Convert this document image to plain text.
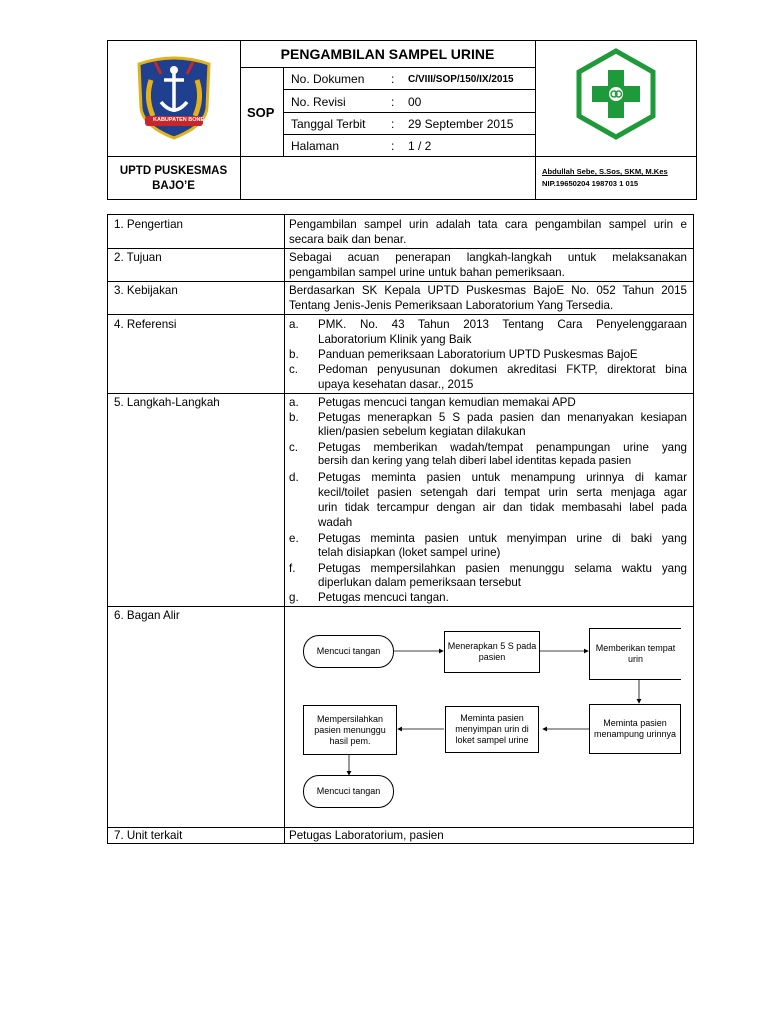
KABUPATEN BONE
PENGAMBILAN SAMPEL URINE
SOP
No. Dokumen : C/VIII/SOP/150/IX/2015
No. Revisi	: 00
Tanggal Terbit : 29 September 2015
Halaman	: 1 / 2
UPTD PUSKESMAS
BAJO’E
Abdullah Sebe, S.Sos, SKM, M.Kes
NIP.19650204 198703 1 015
1. Pengertian	Pengambilan sampel urin adalah tata cara pengambilan sampel urin e
secara baik dan benar.
2. Tujuan	Sebagai acuan penerapan langkah-langkah untuk melaksanakan
pengambilan sampel urine untuk bahan pemeriksaan.
3. Kebijakan	Berdasarkan SK Kepala UPTD Puskesmas BajoE No. 052 Tahun 2015
Tentang Jenis-Jenis Pemeriksaan Laboratorium Yang Tersedia.
4. Referensi	a. PMK. No. 43 Tahun 2013 Tentang Cara Penyelenggaraan
Laboratorium Klinik yang Baik
b. Panduan pemeriksaan Laboratorium UPTD Puskesmas BajoE
c. Pedoman penyusunan dokumen akreditasi FKTP, direktorat bina
upaya kesehatan dasar., 2015
5. Langkah-Langkah	a. Petugas mencuci tangan kemudian memakai APD
b. Petugas menerapkan 5 S pada pasien dan menanyakan kesiapan
klien/pasien sebelum kegiatan dilakukan
c. Petugas memberikan wadah/tempat penampungan urine yang
bersih dan kering yang telah diberi label identitas kepada pasien
d. Petugas meminta pasien untuk menampung urinnya di kamar
kecil/toilet pasien setengah dari tempat urin serta menjaga agar
urin tidak tercampur dengan air dan tidak membasahi label pada
wadah
e. Petugas meminta pasien untuk menyimpan urine di baki yang
telah disiapkan (loket sampel urine)
f. Petugas mempersilahkan pasien menunggu selama waktu yang
diperlukan dalam pemeriksaan tersebut
g. Petugas mencuci tangan.
6. Bagan Alir
Mencuci tangan	Menerapkan 5 S pada pasien
Memberikan tempat urin
Meminta pasien menampung urinnya
Meminta pasien menyimpan urin di loket sampel urine
Mempersilahkan pasien menunggu hasil pem.
Mencuci tangan
7. Unit terkait	Petugas Laboratorium, pasien
